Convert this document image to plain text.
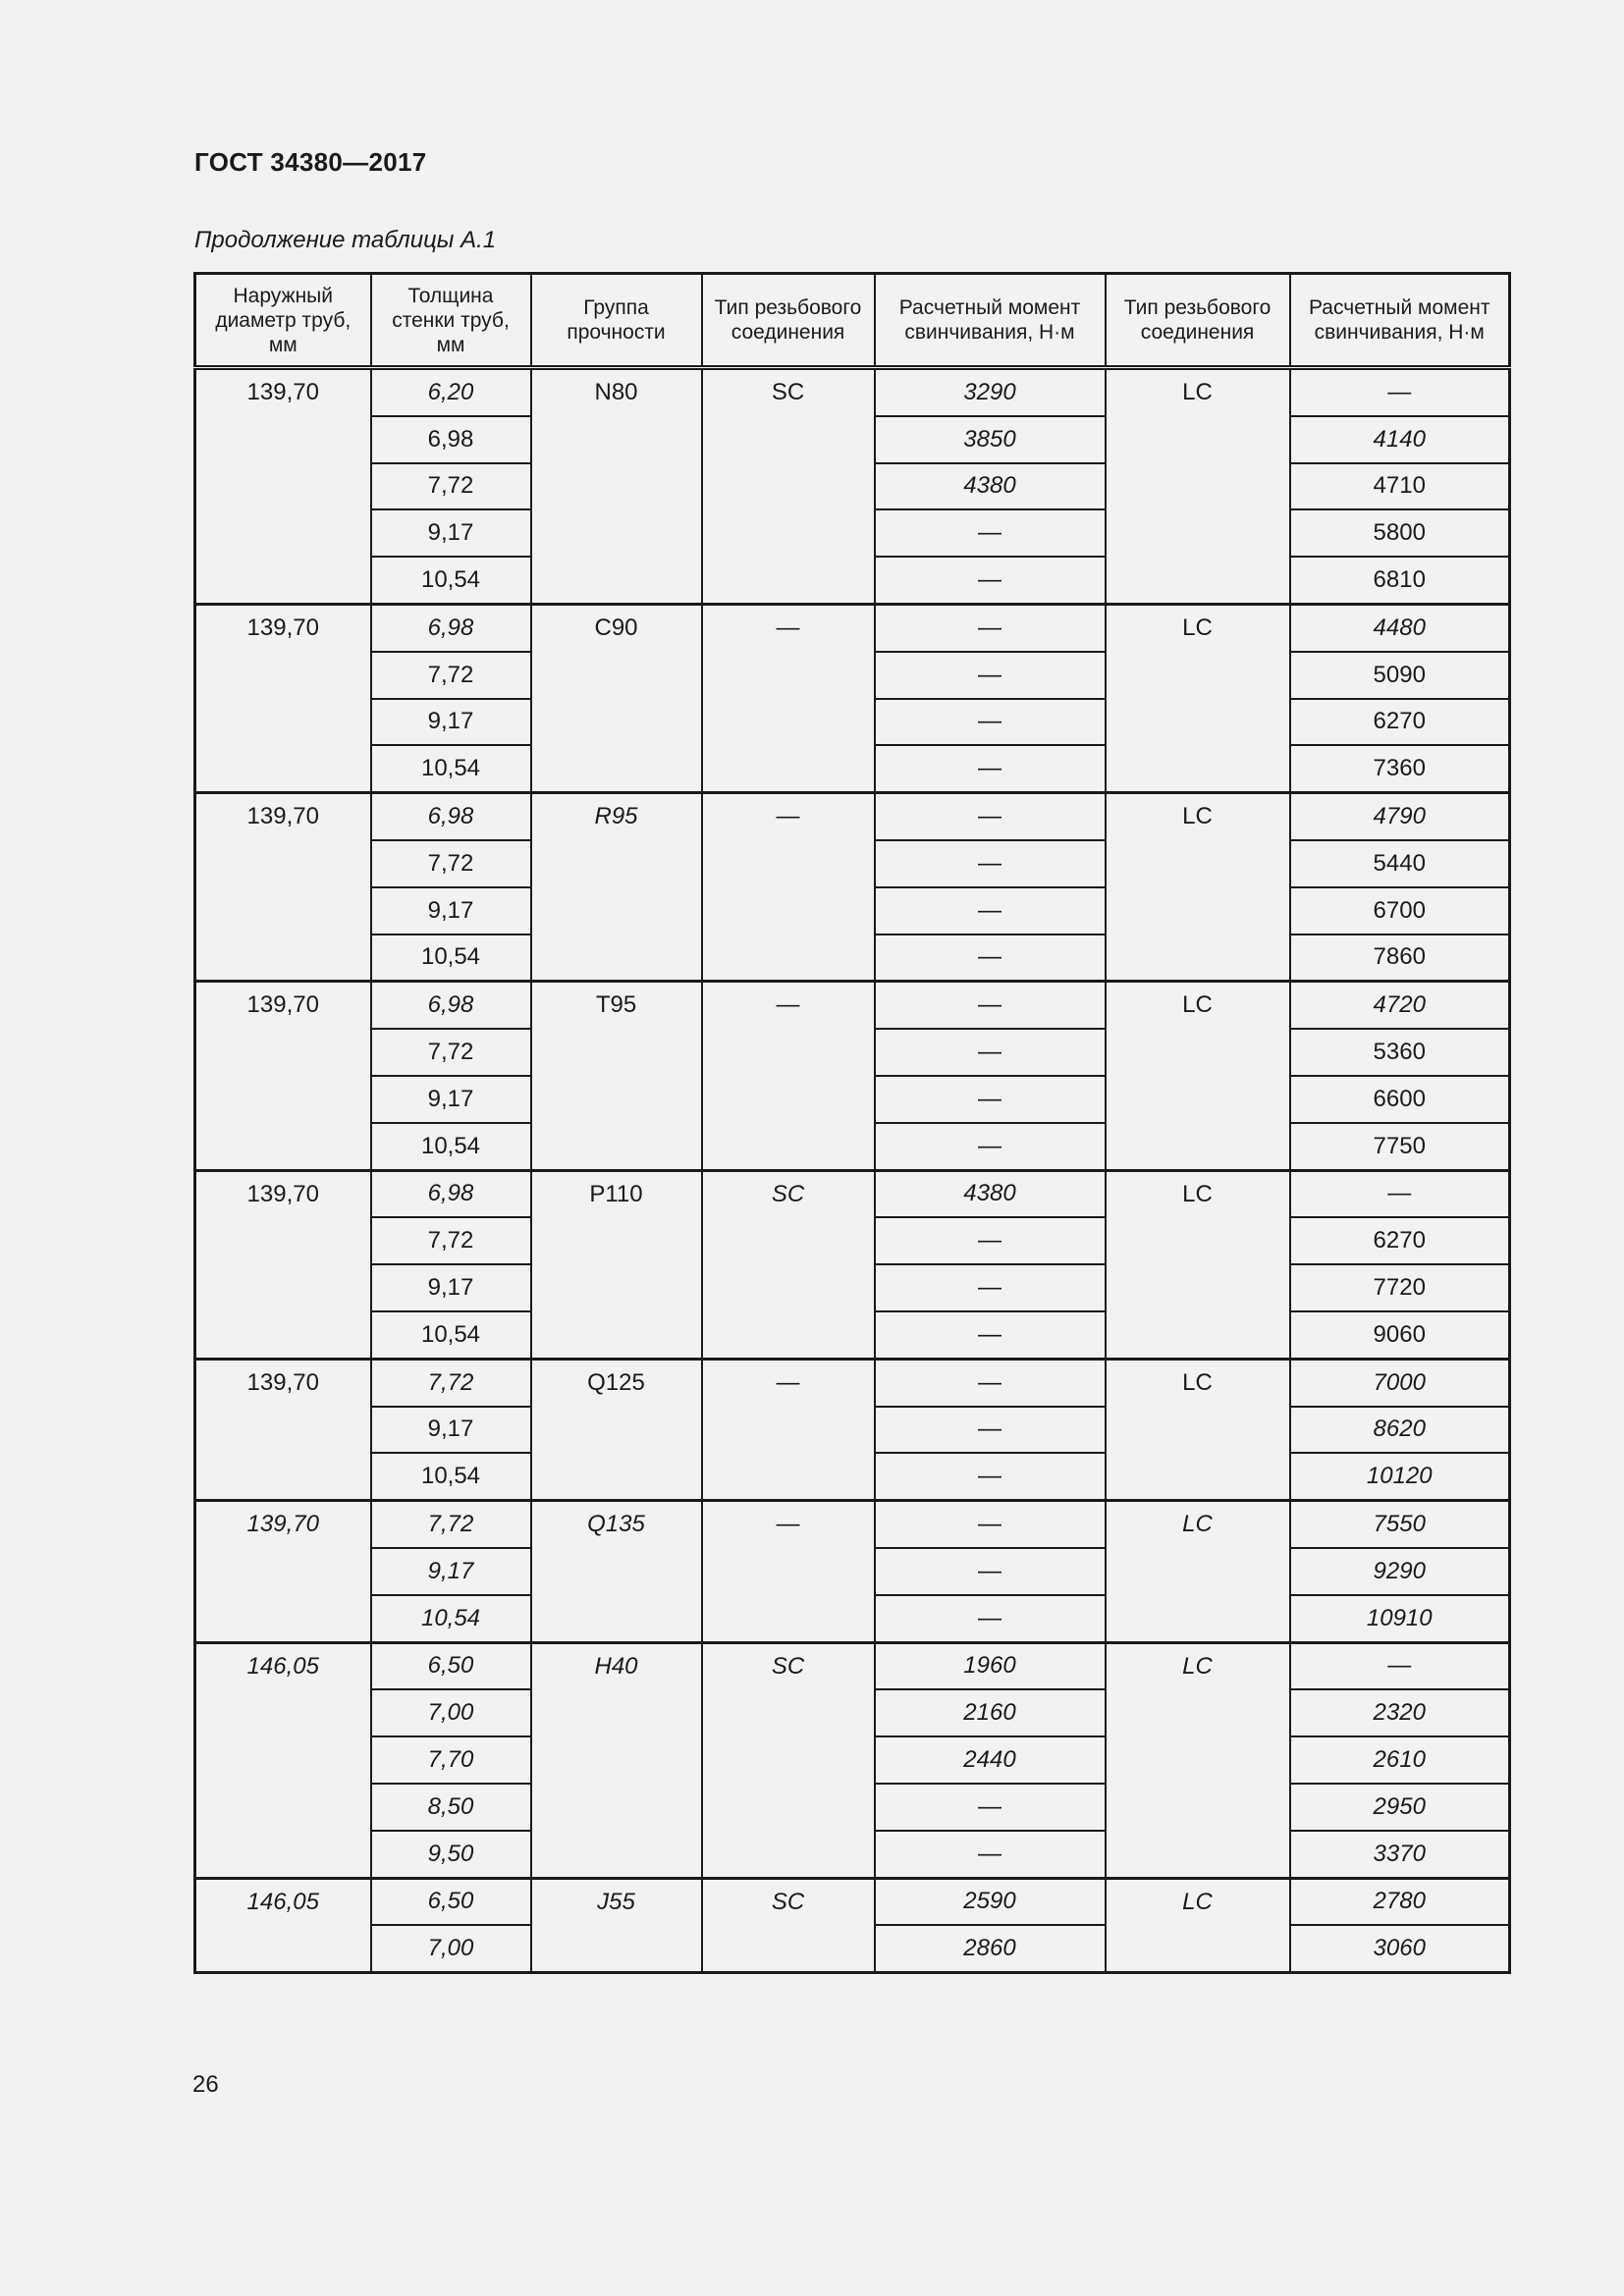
ГОСТ 34380—2017
Продолжение таблицы А.1
Наружный диаметр труб, мм	Толщина стенки труб, мм	Группа прочности	Тип резьбового соединения	Расчетный момент свинчивания, Н·м	Тип резьбового соединения	Расчетный момент свинчивания, Н·м
139,70	6,20	N80	SC	3290	LC	—
	6,98			3850		4140
	7,72			4380		4710
	9,17			—		5800
	10,54			—		6810
139,70	6,98	C90	—	—	LC	4480
	7,72			—		5090
	9,17			—		6270
	10,54			—		7360
139,70	6,98	R95	—	—	LC	4790
	7,72			—		5440
	9,17			—		6700
	10,54			—		7860
139,70	6,98	T95	—	—	LC	4720
	7,72			—		5360
	9,17			—		6600
	10,54			—		7750
139,70	6,98	P110	SC	4380	LC	—
	7,72			—		6270
	9,17			—		7720
	10,54			—		9060
139,70	7,72	Q125	—	—	LC	7000
	9,17			—		8620
	10,54			—		10120
139,70	7,72	Q135	—	—	LC	7550
	9,17			—		9290
	10,54			—		10910
146,05	6,50	H40	SC	1960	LC	—
	7,00			2160		2320
	7,70			2440		2610
	8,50			—		2950
	9,50			—		3370
146,05	6,50	J55	SC	2590	LC	2780
	7,00			2860		3060
26
